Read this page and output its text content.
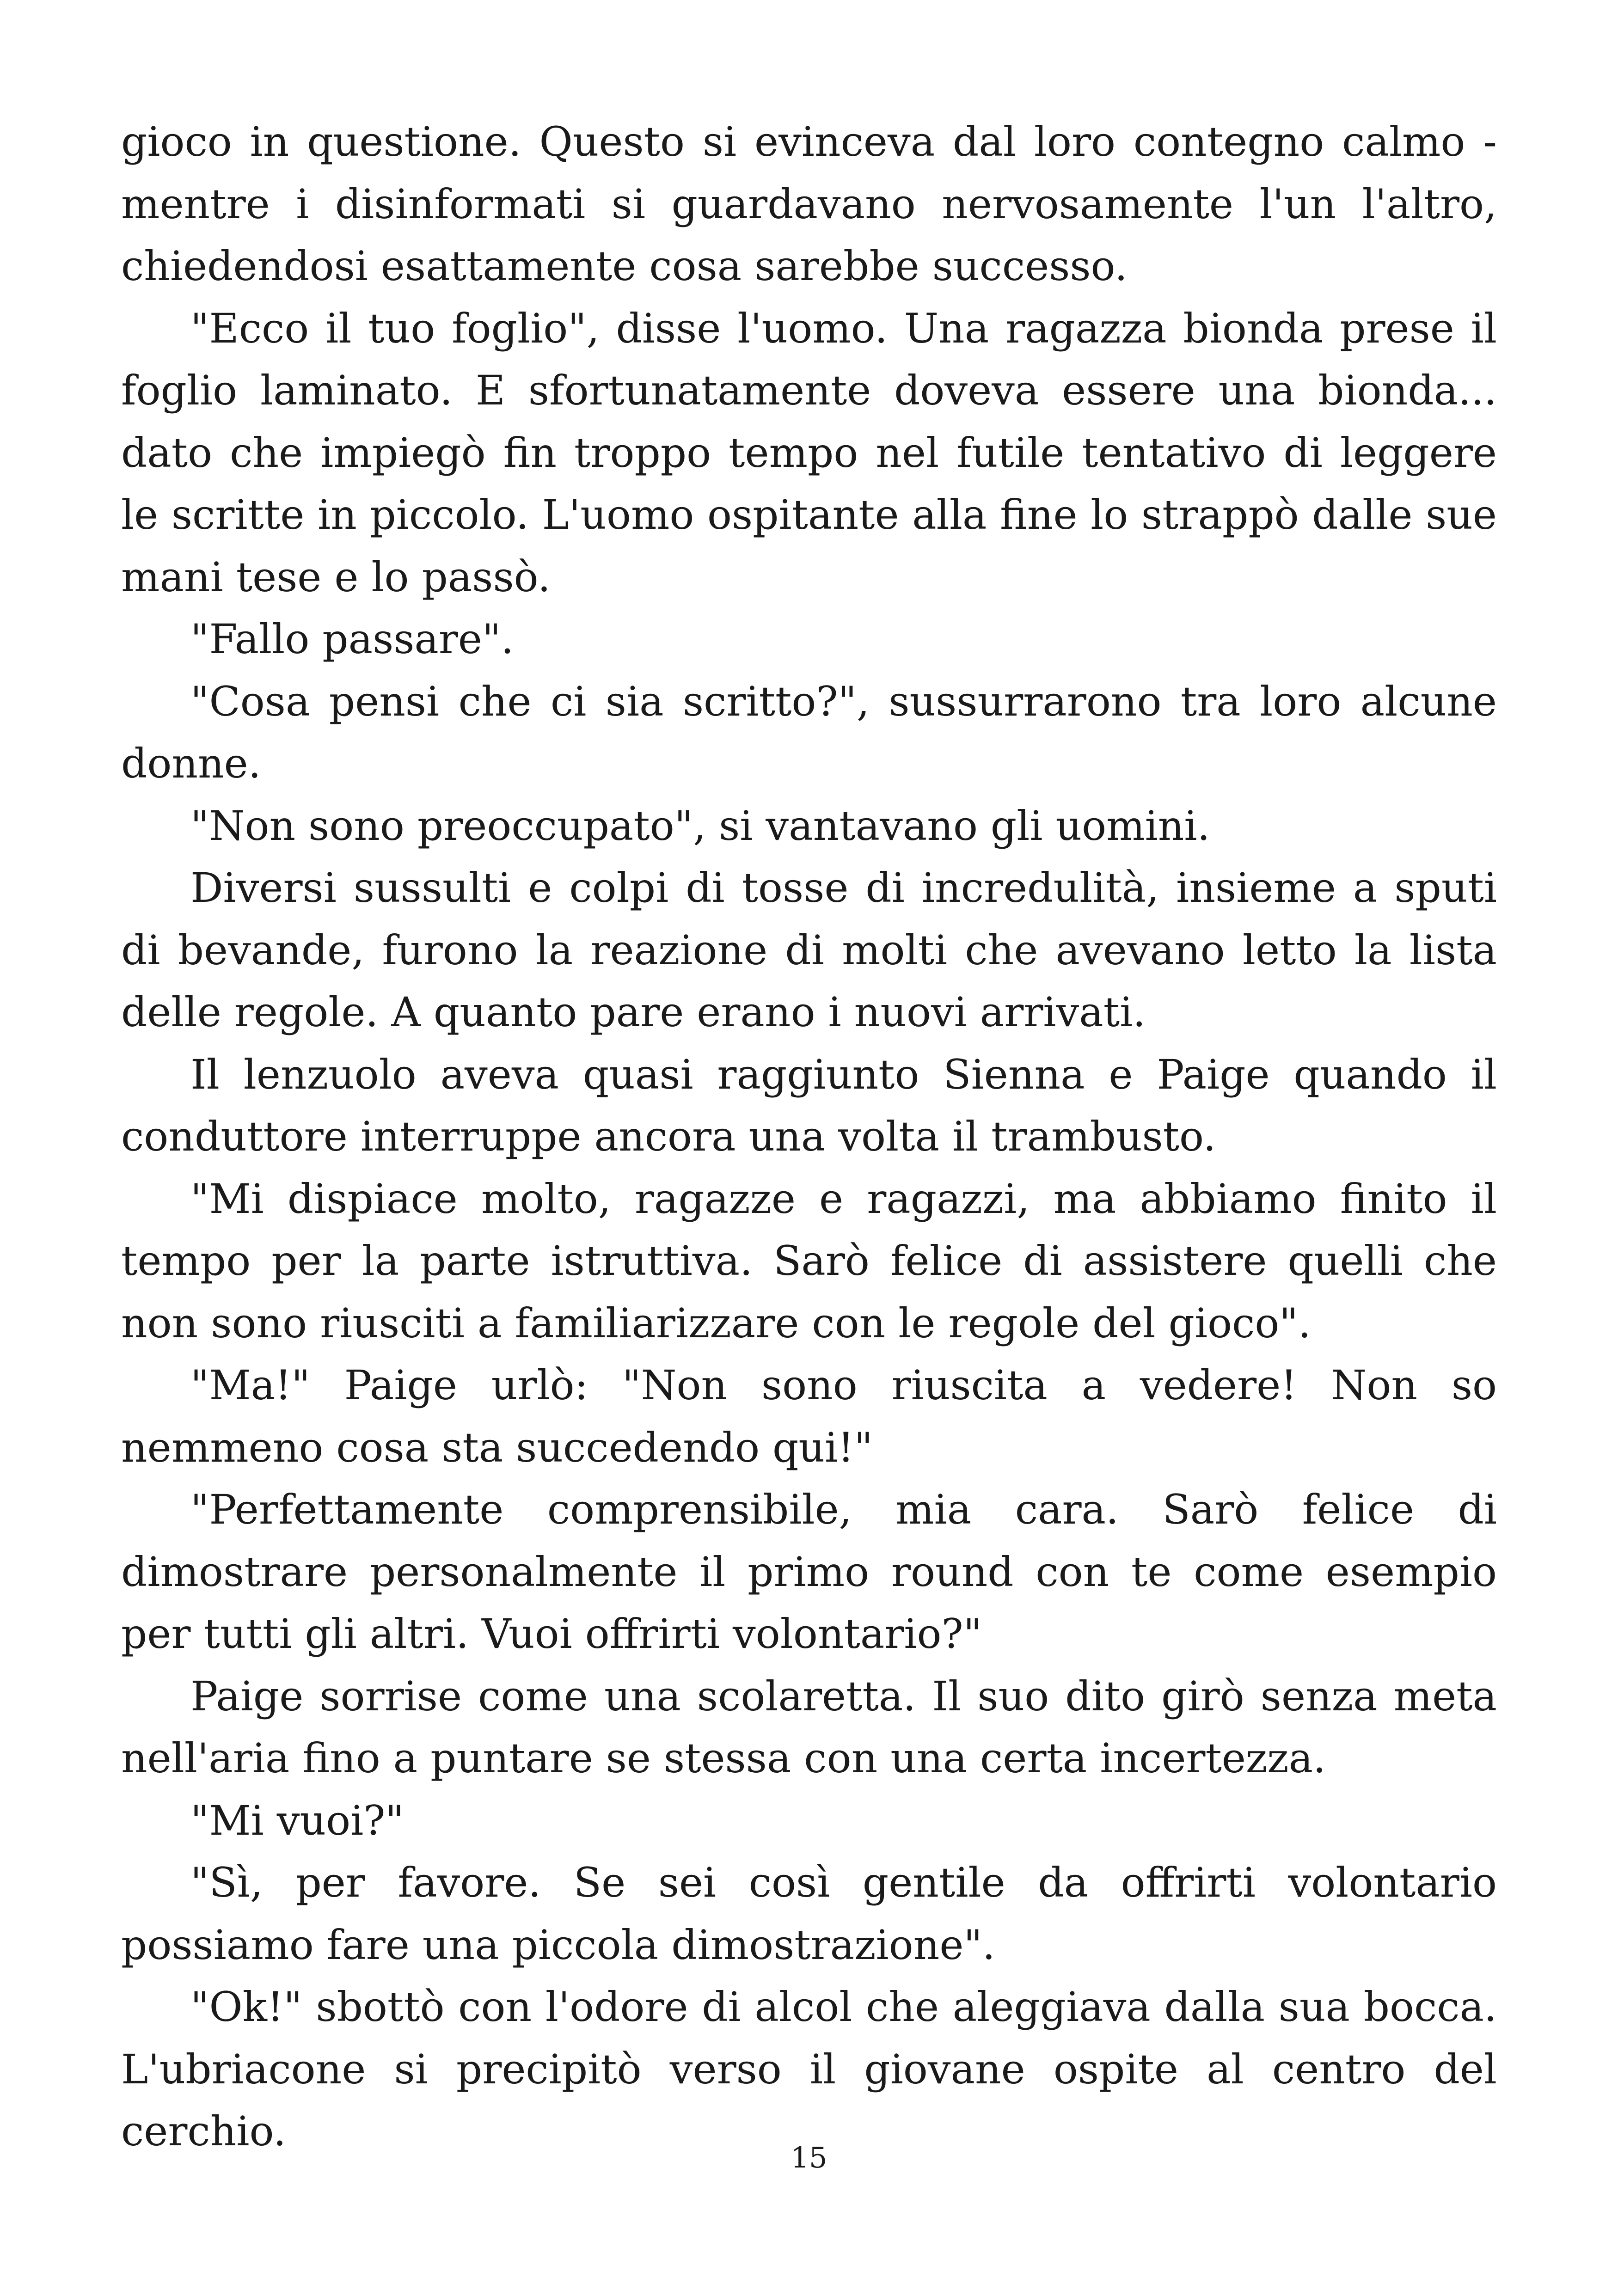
gioco in questione. Questo si evinceva dal loro contegno calmo - mentre i disinformati si guardavano nervosamente l'un l'altro, chiedendosi esattamente cosa sarebbe successo.

"Ecco il tuo foglio", disse l'uomo. Una ragazza bionda prese il foglio laminato. E sfortunatamente doveva essere una bionda... dato che impiegò fin troppo tempo nel futile tentativo di leggere le scritte in piccolo. L'uomo ospitante alla fine lo strappò dalle sue mani tese e lo passò.

"Fallo passare".

"Cosa pensi che ci sia scritto?", sussurrarono tra loro alcune donne.

"Non sono preoccupato", si vantavano gli uomini.

Diversi sussulti e colpi di tosse di incredulità, insieme a sputi di bevande, furono la reazione di molti che avevano letto la lista delle regole. A quanto pare erano i nuovi arrivati.

Il lenzuolo aveva quasi raggiunto Sienna e Paige quando il conduttore interruppe ancora una volta il trambusto.

"Mi dispiace molto, ragazze e ragazzi, ma abbiamo finito il tempo per la parte istruttiva. Sarò felice di assistere quelli che non sono riusciti a familiarizzare con le regole del gioco".

"Ma!" Paige urlò: "Non sono riuscita a vedere! Non so nemmeno cosa sta succedendo qui!"

"Perfettamente comprensibile, mia cara. Sarò felice di dimostrare personalmente il primo round con te come esempio per tutti gli altri. Vuoi offrirti volontario?"

Paige sorrise come una scolaretta. Il suo dito girò senza meta nell'aria fino a puntare se stessa con una certa incertezza.

"Mi vuoi?"

"Sì, per favore. Se sei così gentile da offrirti volontario possiamo fare una piccola dimostrazione".

"Ok!" sbottò con l'odore di alcol che aleggiava dalla sua bocca. L'ubriacone si precipitò verso il giovane ospite al centro del cerchio.

15
